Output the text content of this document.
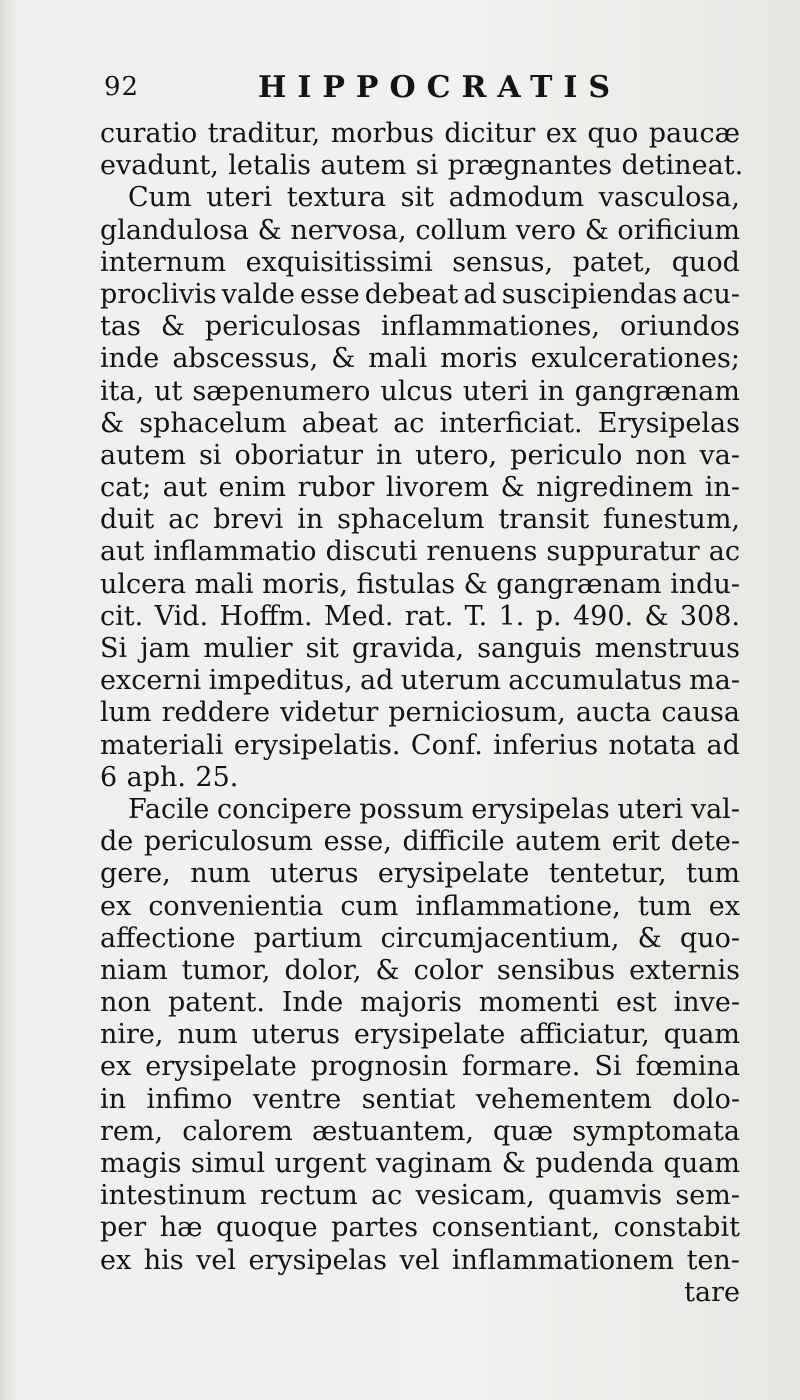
92	HIPPOCRATIS
curatio traditur, morbus dicitur ex quo paucæ
evadunt, letalis autem si prægnantes detineat.
Cum uteri textura sit admodum vasculosa,
glandulosa & nervosa, collum vero & orificium
internum exquisitissimi sensus, patet, quod
proclivis valde esse debeat ad suscipiendas acu-
tas & periculosas inflammationes, oriundos
inde abscessus, & mali moris exulcerationes;
ita, ut sæpenumero ulcus uteri in gangrænam
& sphacelum abeat ac interficiat. Erysipelas
autem si oboriatur in utero, periculo non va-
cat; aut enim rubor livorem & nigredinem in-
duit ac brevi in sphacelum transit funestum,
aut inflammatio discuti renuens suppuratur ac
ulcera mali moris, fistulas & gangrænam indu-
cit. Vid. Hoffm. Med. rat. T. 1. p. 490. & 308.
Si jam mulier sit gravida, sanguis menstruus
excerni impeditus, ad uterum accumulatus ma-
lum reddere videtur perniciosum, aucta causa
materiali erysipelatis. Conf. inferius notata ad
6 aph. 25.
Facile concipere possum erysipelas uteri val-
de periculosum esse, difficile autem erit dete-
gere, num uterus erysipelate tentetur, tum
ex convenientia cum inflammatione, tum ex
affectione partium circumjacentium, & quo-
niam tumor, dolor, & color sensibus externis
non patent. Inde majoris momenti est inve-
nire, num uterus erysipelate afficiatur, quam
ex erysipelate prognosin formare. Si fœmina
in infimo ventre sentiat vehementem dolo-
rem, calorem æstuantem, quæ symptomata
magis simul urgent vaginam & pudenda quam
intestinum rectum ac vesicam, quamvis sem-
per hæ quoque partes consentiant, constabit
ex his vel erysipelas vel inflammationem ten-
tare
